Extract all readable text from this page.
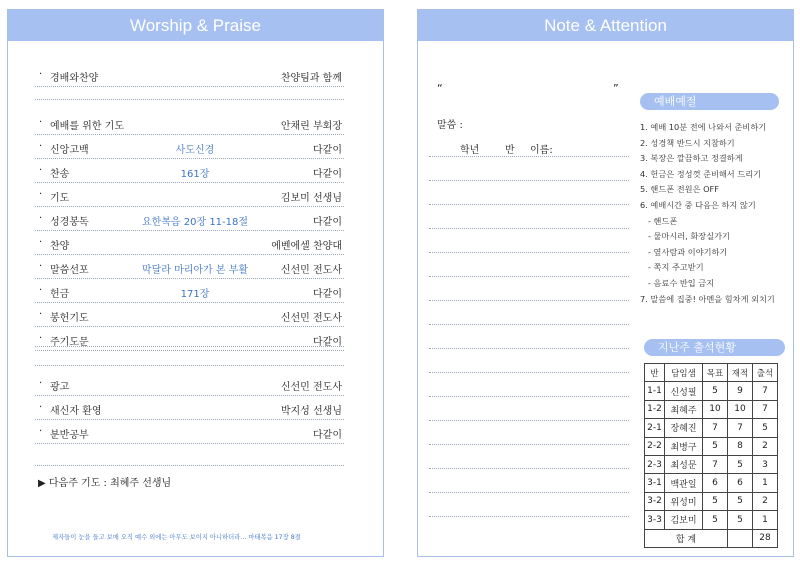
Worship & Praise
· 경배와찬양	찬양팀과 함께
· 예배를 위한 기도	안채린 부회장
· 신앙고백	사도신경	다같이
· 찬송	161장	다같이
· 기도	김보미 선생님
· 성경봉독	요한복음 20장 11-18절	다같이
· 찬양	에벤에셀 찬양대
· 말씀선포	막달라 마리아가 본 부활	신선민 전도사
· 헌금	171장	다같이
· 봉헌기도	신선민 전도사
· 주기도문	다같이
· 광고	신선민 전도사
· 새신자 환영	박지성 선생님
· 분반공부	다같이
▶ 다음주 기도 : 최혜주 선생님
제자들이 눈을 들고 보매 오직 예수 외에는 아무도 보이지 아니하더라... 마태복음 17장 8절
Note & Attention
“	”
말씀 :
학년	반 이름:
예배예절
1. 예배 10분 전에 나와서 준비하기
2. 성경책 반드시 지참하기
3. 복장은 깔끔하고 정결하게
4. 헌금은 정성껏 준비해서 드리기
5. 핸드폰 전원은 OFF
6. 예배시간 중 다음은 하지 않기
- 핸드폰
- 물마시러, 화장실가기
- 옆사람과 이야기하기
- 쪽지 주고받기
- 음료수 반입 금지
7. 말씀에 집중! 아멘을 힘차게 외치기
지난주 출석현황
반	담임샘	목표	재적	출석
1-1	신성필	5	9	7
1-2	최혜주	10	10	7
2-1	장혜진	7	7	5
2-2	최병구	5	8	2
2-3	최성문	7	5	3
3-1	백관일	6	6	1
3-2	위성미	5	5	2
3-3	김보미	5	5	1
합 계				28
